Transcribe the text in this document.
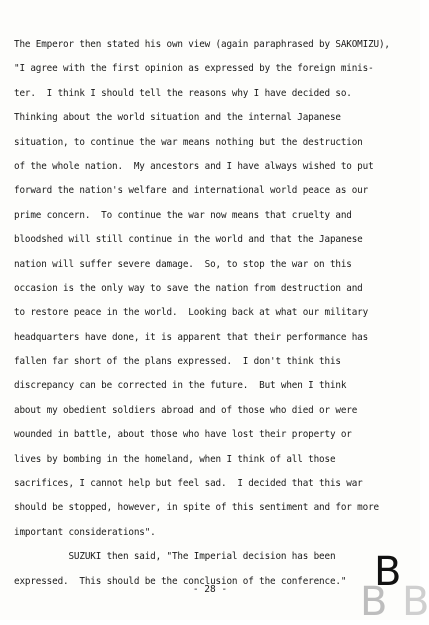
The Emperor then stated his own view (again paraphrased by SAKOMIZU),
"I agree with the first opinion as expressed by the foreign minis-
ter.  I think I should tell the reasons why I have decided so.
Thinking about the world situation and the internal Japanese
situation, to continue the war means nothing but the destruction
of the whole nation.  My ancestors and I have always wished to put
forward the nation's welfare and international world peace as our
prime concern.  To continue the war now means that cruelty and
bloodshed will still continue in the world and that the Japanese
nation will suffer severe damage.  So, to stop the war on this
occasion is the only way to save the nation from destruction and
to restore peace in the world.  Looking back at what our military
headquarters have done, it is apparent that their performance has
fallen far short of the plans expressed.  I don't think this
discrepancy can be corrected in the future.  But when I think
about my obedient soldiers abroad and of those who died or were
wounded in battle, about those who have lost their property or
lives by bombing in the homeland, when I think of all those
sacrifices, I cannot help but feel sad.  I decided that this war
should be stopped, however, in spite of this sentiment and for more
important considerations".
SUZUKI then said, "The Imperial decision has been
expressed.  This should be the conclusion of the conference."
- 28 -	B
B B
